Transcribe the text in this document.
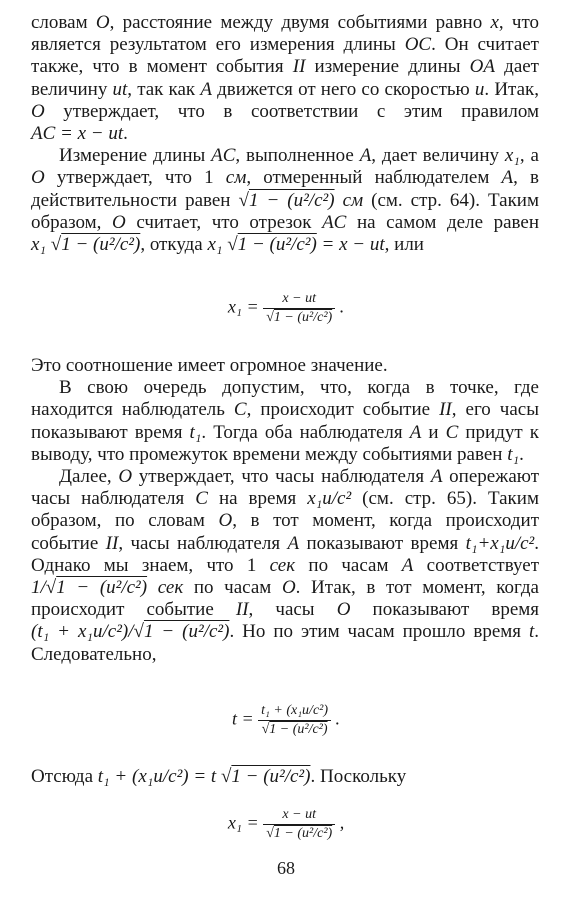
словам O, расстояние между двумя событиями равно x, что является результатом его измерения длины OC. Он считает также, что в момент события II измерение длины OA дает величину ut, так как A движется от него со скоростью u. Итак, O утверждает, что в соответствии с этим правилом AC = x − ut.

Измерение длины AC, выполненное A, дает величину x₁, а O утверждает, что 1 см, отмеренный наблюдателем A, в действительности равен √1 − (u²/c²) см (см. стр. 64). Таким образом, O считает, что отрезок AC на самом деле равен x₁ √1 − (u²/c²), откуда x₁ √1 − (u²/c²) = x − ut, или

$x_1 = \frac{x - ut}{\text{√1 − (u²/c²)}}$ .

Это соотношение имеет огромное значение.

В свою очередь допустим, что, когда в точке, где находится наблюдатель C, происходит событие II, его часы показывают время t₁. Тогда оба наблюдателя A и C придут к выводу, что промежуток времени между событиями равен t₁.

Далее, O утверждает, что часы наблюдателя A опережают часы наблюдателя C на время x₁u/c² (см. стр. 65). Таким образом, по словам O, в тот момент, когда происходит событие II, часы наблюдателя A показывают время t₁+x₁u/c². Однако мы знаем, что 1 сек по часам A соответствует 1/√1 − (u²/c²) сек по часам O. Итак, в тот момент, когда происходит событие II, часы O показывают время (t₁ + x₁u/c²)/√1 − (u²/c²). Но по этим часам прошло время t. Следовательно,

$t = \frac{\text{t₁ + (x₁u/c²)}}{\text{√1 − (u²/c²)}}$ .

Отсюда t₁ + (x₁u/c²) = t √1 − (u²/c²). Поскольку

$x_1 = \frac{x - ut}{\text{√1 − (u²/c²)}}$ ,
68
